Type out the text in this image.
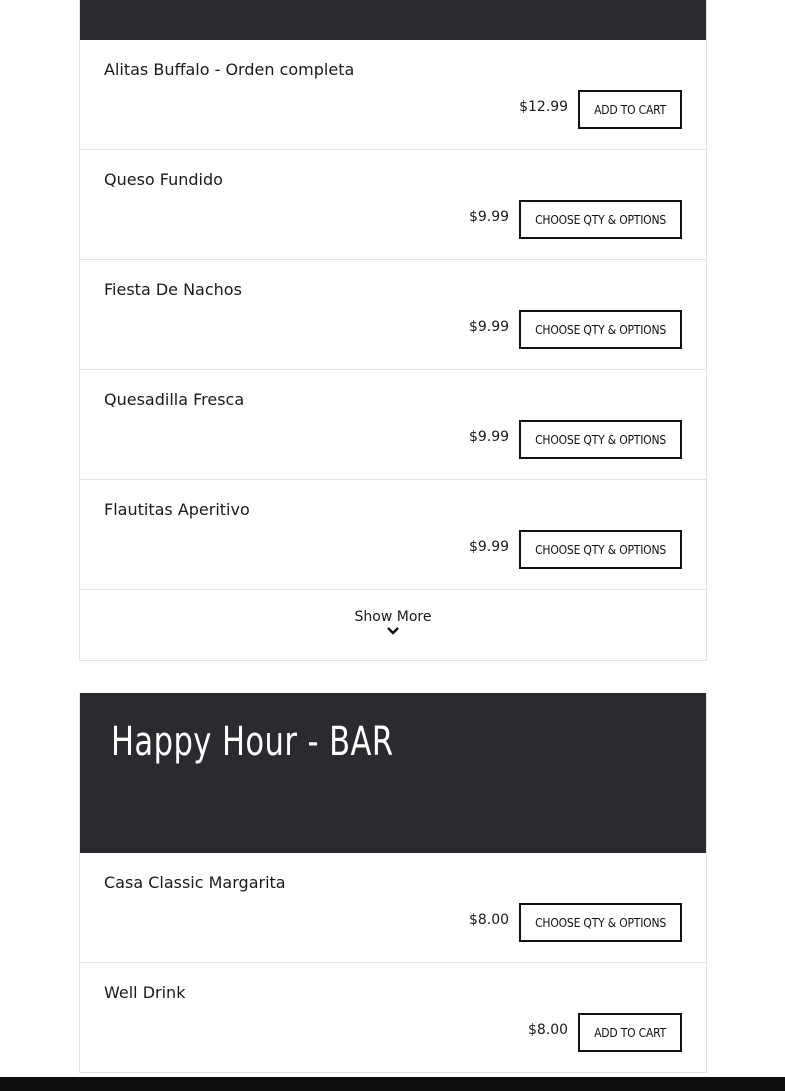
Alitas Buffalo - Orden completa
$12.99	ADD TO CART
Queso Fundido
$9.99	CHOOSE QTY & OPTIONS
Fiesta De Nachos
$9.99	CHOOSE QTY & OPTIONS
Quesadilla Fresca
$9.99	CHOOSE QTY & OPTIONS
Flautitas Aperitivo
$9.99	CHOOSE QTY & OPTIONS
Show More
Happy Hour - BAR
Casa Classic Margarita
$8.00	CHOOSE QTY & OPTIONS
Well Drink
$8.00	ADD TO CART
